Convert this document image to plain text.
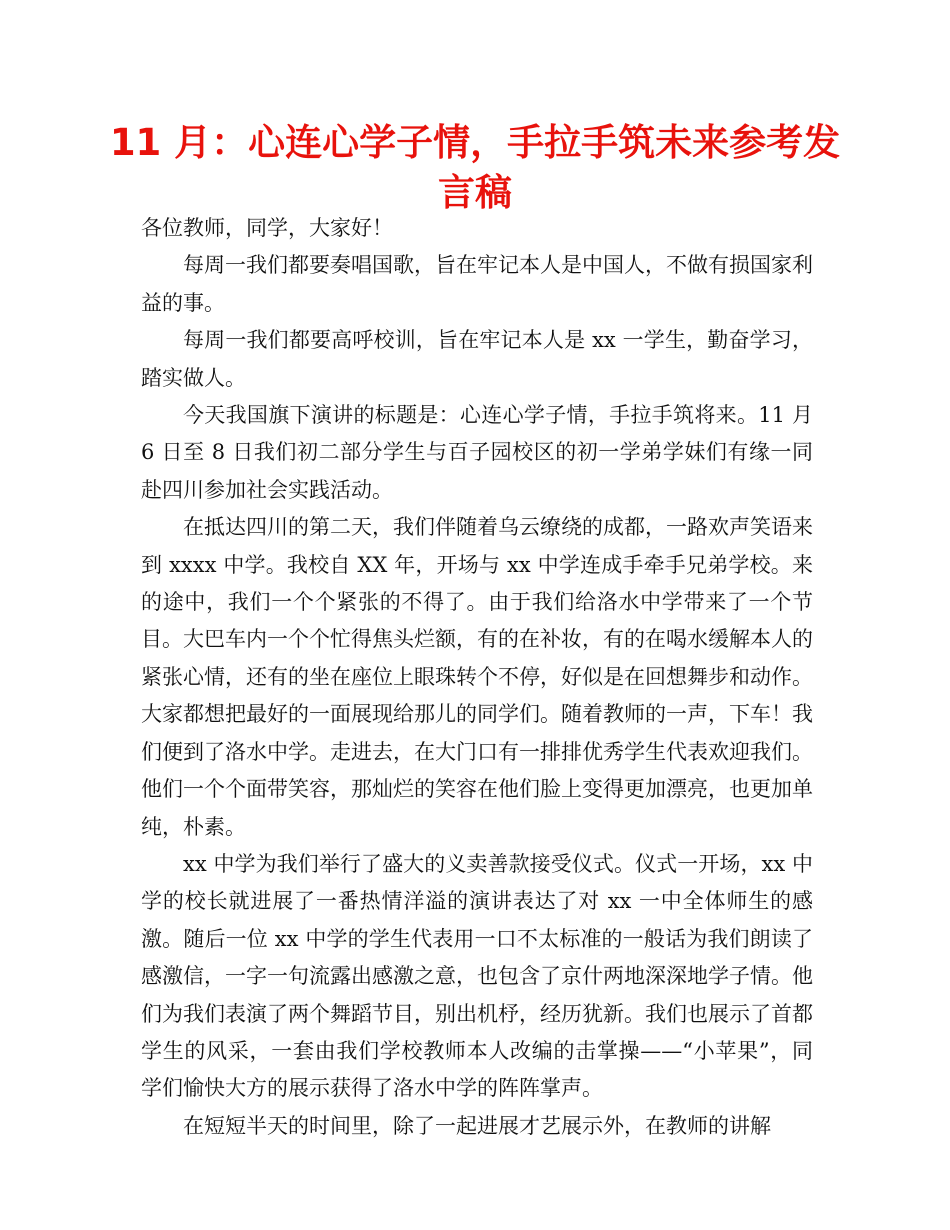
11 月：心连心学子情，手拉手筑未来参考发言稿

各位教师，同学，大家好！

每周一我们都要奏唱国歌，旨在牢记本人是中国人，不做有损国家利益的事。

每周一我们都要高呼校训，旨在牢记本人是 xx 一学生，勤奋学习，踏实做人。

今天我国旗下演讲的标题是：心连心学子情，手拉手筑将来。11 月 6 日至 8 日我们初二部分学生与百子园校区的初一学弟学妹们有缘一同赴四川参加社会实践活动。

在抵达四川的第二天，我们伴随着乌云缭绕的成都，一路欢声笑语来到 xxxx 中学。我校自 XX 年，开场与 xx 中学连成手牵手兄弟学校。来的途中，我们一个个紧张的不得了。由于我们给洛水中学带来了一个节目。大巴车内一个个忙得焦头烂额，有的在补妆，有的在喝水缓解本人的紧张心情，还有的坐在座位上眼珠转个不停，好似是在回想舞步和动作。大家都想把最好的一面展现给那儿的同学们。随着教师的一声，下车！我们便到了洛水中学。走进去，在大门口有一排排优秀学生代表欢迎我们。他们一个个面带笑容，那灿烂的笑容在他们脸上变得更加漂亮，也更加单纯，朴素。

xx 中学为我们举行了盛大的义卖善款接受仪式。仪式一开场，xx 中学的校长就进展了一番热情洋溢的演讲表达了对 xx 一中全体师生的感激。随后一位 xx 中学的学生代表用一口不太标准的一般话为我们朗读了感激信，一字一句流露出感激之意，也包含了京什两地深深地学子情。他们为我们表演了两个舞蹈节目，别出机杼，经历犹新。我们也展示了首都学生的风采，一套由我们学校教师本人改编的击掌操——“小苹果”，同学们愉快大方的展示获得了洛水中学的阵阵掌声。

在短短半天的时间里，除了一起进展才艺展示外，在教师的讲解
